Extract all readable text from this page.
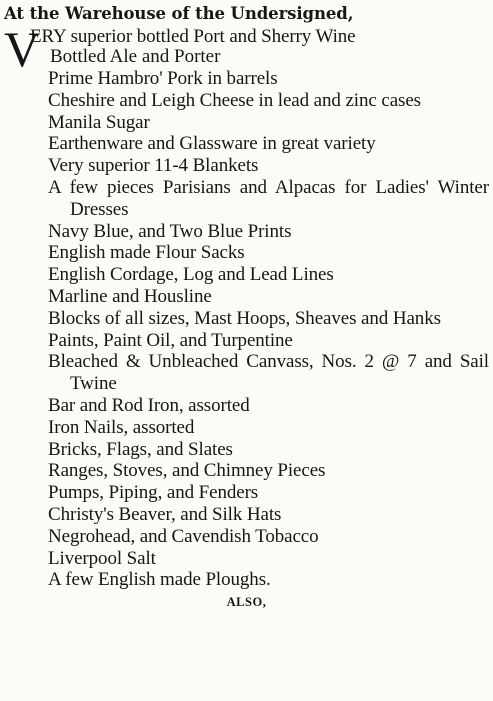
At the Warehouse of the Undersigned,
V
ERY superior bottled Port and Sherry Wine
Bottled Ale and Porter
Prime Hambro' Pork in barrels
Cheshire and Leigh Cheese in lead and zinc cases
Manila Sugar
Earthenware and Glassware in great variety
Very superior 11-4 Blankets
A few pieces Parisians and Alpacas for Ladies' Winter Dresses
Navy Blue, and Two Blue Prints
English made Flour Sacks
English Cordage, Log and Lead Lines
Marline and Housline
Blocks of all sizes, Mast Hoops, Sheaves and Hanks
Paints, Paint Oil, and Turpentine
Bleached & Unbleached Canvass, Nos. 2 @ 7 and Sail Twine
Bar and Rod Iron, assorted
Iron Nails, assorted
Bricks, Flags, and Slates
Ranges, Stoves, and Chimney Pieces
Pumps, Piping, and Fenders
Christy's Beaver, and Silk Hats
Negrohead, and Cavendish Tobacco
Liverpool Salt
A few English made Ploughs.
ALSO,
